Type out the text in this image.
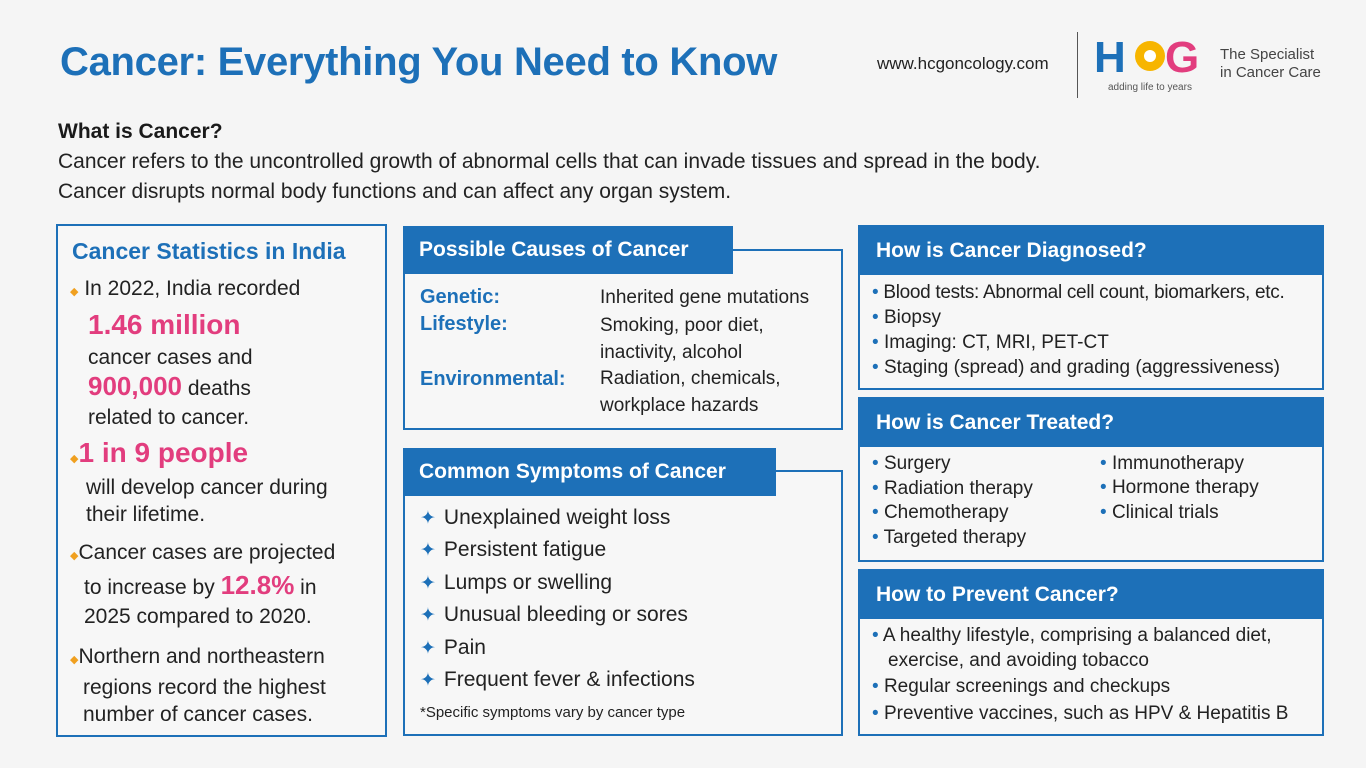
Cancer: Everything You Need to Know	www.hcgoncology.com H G
adding life to years
The Specialist
in Cancer Care
What is Cancer?
Cancer refers to the uncontrolled growth of abnormal cells that can invade tissues and spread in the body.
Cancer disrupts normal body functions and can affect any organ system.
Cancer Statistics in India
◆ In 2022, India recorded
1.46 million
cancer cases and
900,000 deaths
related to cancer.
◆1 in 9 people
will develop cancer during
their lifetime.
◆Cancer cases are projected
to increase by 12.8% in
2025 compared to 2020.
◆Northern and northeastern
regions record the highest
number of cancer cases.
Possible Causes of Cancer
Genetic:	Inherited gene mutations
Lifestyle:	Smoking, poor diet,
inactivity, alcohol
Environmental: Radiation, chemicals,
workplace hazards
Common Symptoms of Cancer
✦ Unexplained weight loss
✦ Persistent fatigue
✦ Lumps or swelling
✦ Unusual bleeding or sores
✦ Pain
✦ Frequent fever & infections
*Specific symptoms vary by cancer type
How is Cancer Diagnosed?
• Blood tests: Abnormal cell count, biomarkers, etc.
• Biopsy
• Imaging: CT, MRI, PET-CT
• Staging (spread) and grading (aggressiveness)
How is Cancer Treated?
• Surgery
• Radiation therapy
• Chemotherapy
• Targeted therapy
• Immunotherapy
• Hormone therapy
• Clinical trials
How to Prevent Cancer?
• A healthy lifestyle, comprising a balanced diet,
exercise, and avoiding tobacco
• Regular screenings and checkups
• Preventive vaccines, such as HPV & Hepatitis B
